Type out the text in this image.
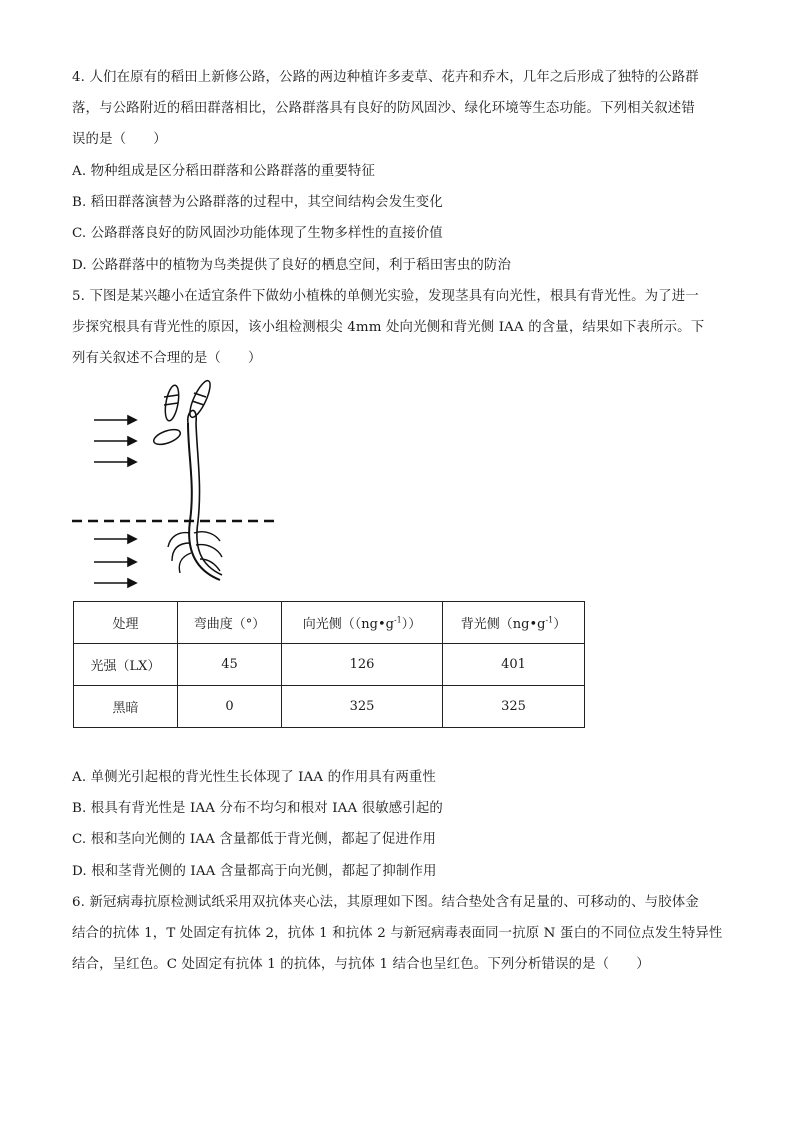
4. 人们在原有的稻田上新修公路，公路的两边种植许多麦草、花卉和乔木，几年之后形成了独特的公路群
落，与公路附近的稻田群落相比，公路群落具有良好的防风固沙、绿化环境等生态功能。下列相关叙述错
误的是（　　）
A. 物种组成是区分稻田群落和公路群落的重要特征
B. 稻田群落演替为公路群落的过程中，其空间结构会发生变化
C. 公路群落良好的防风固沙功能体现了生物多样性的直接价值
D. 公路群落中的植物为鸟类提供了良好的栖息空间，利于稻田害虫的防治
5. 下图是某兴趣小在适宜条件下做幼小植株的单侧光实验，发现茎具有向光性，根具有背光性。为了进一
步探究根具有背光性的原因，该小组检测根尖 4mm 处向光侧和背光侧 IAA 的含量，结果如下表所示。下
列有关叙述不合理的是（　　）
处理	弯曲度（°）	向光侧$((ng•g^{-1}))$	背光侧$(ng•g^{-1})$
光强（LX）	45	126	401
黑暗	0	325	325
A. 单侧光引起根的背光性生长体现了 IAA 的作用具有两重性
B. 根具有背光性是 IAA 分布不均匀和根对 IAA 很敏感引起的
C. 根和茎向光侧的 IAA 含量都低于背光侧，都起了促进作用
D. 根和茎背光侧的 IAA 含量都高于向光侧，都起了抑制作用
6. 新冠病毒抗原检测试纸采用双抗体夹心法，其原理如下图。结合垫处含有足量的、可移动的、与胶体金
结合的抗体 1，T 处固定有抗体 2，抗体 1 和抗体 2 与新冠病毒表面同一抗原 N 蛋白的不同位点发生特异性
结合，呈红色。C 处固定有抗体 1 的抗体，与抗体 1 结合也呈红色。下列分析错误的是（　　）
